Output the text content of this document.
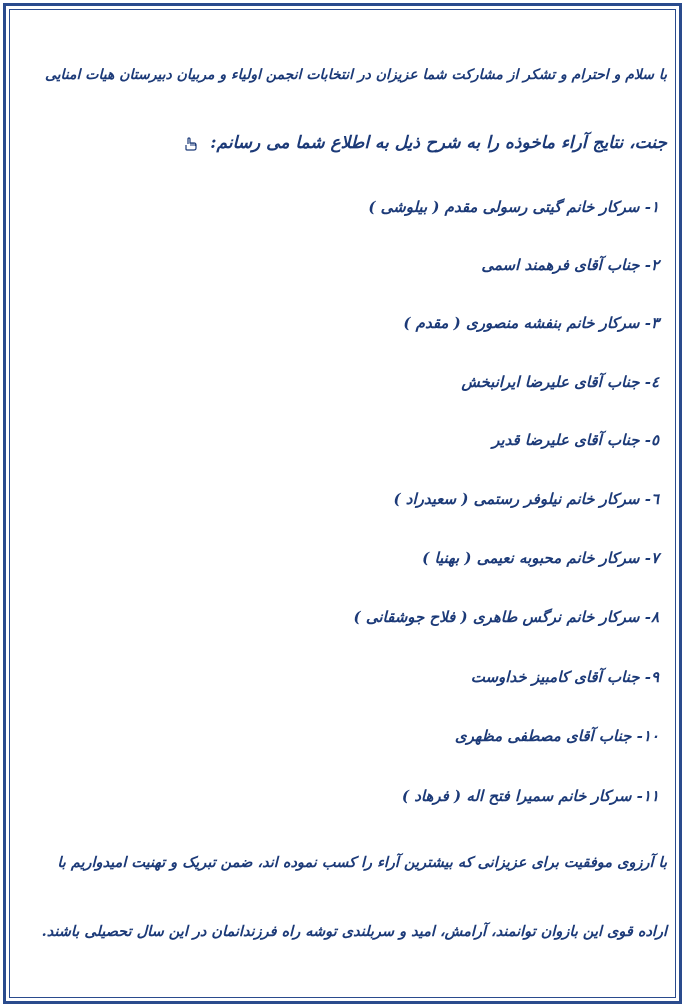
با سلام و احترام و تشکر از مشارکت شما عزیزان در انتخابات انجمن اولیاء و مربیان دبیرستان هیات امنایی
جنت، نتایج آراء ماخوذه را به شرح ذیل به اطلاع شما می رسانم:
۱- سرکار خانم گیتی رسولی مقدم ( بیلوشی )
۲- جناب آقای فرهمند اسمی
۳- سرکار خانم بنفشه منصوری ( مقدم )
٤- جناب آقای علیرضا ایرانبخش
٥- جناب آقای علیرضا قدیر
٦- سرکار خانم نیلوفر رستمی ( سعیدراد )
۷- سرکار خانم محبوبه نعیمی ( بهنیا )
۸- سرکار خانم نرگس طاهری ( فلاح جوشقانی )
۹- جناب آقای کامبیز خداوست
۱۰- جناب آقای مصطفی مظهری
۱۱- سرکار خانم سمیرا فتح اله ( فرهاد )
با آرزوی موفقیت برای عزیزانی که بیشترین آراء را کسب نموده اند، ضمن تبریک و تهنیت امیدواریم با
اراده قوی این بازوان توانمند، آرامش، امید و سربلندی توشه راه فرزندانمان در این سال تحصیلی باشند.
